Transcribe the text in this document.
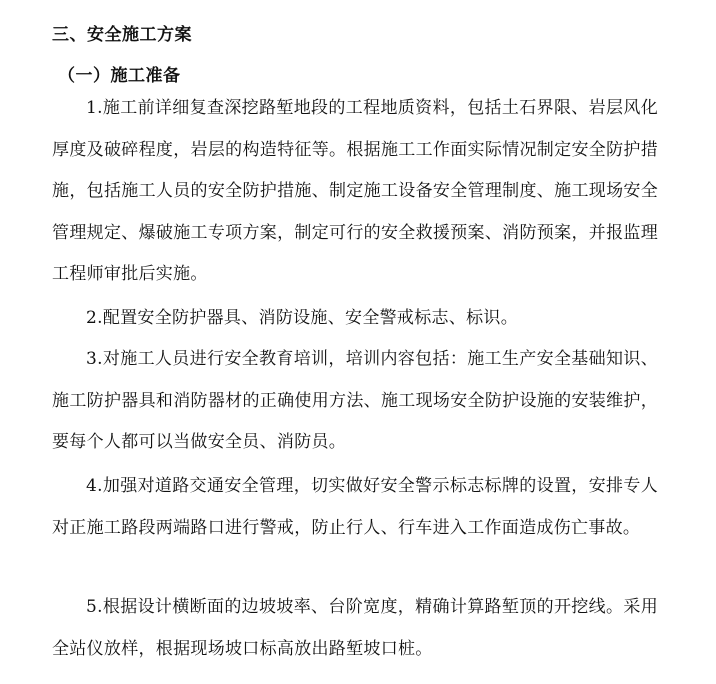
三、安全施工方案
（一）施工准备

1.施工前详细复查深挖路堑地段的工程地质资料，包括土石界限、岩层风化厚度及破碎程度，岩层的构造特征等。根据施工工作面实际情况制定安全防护措施，包括施工人员的安全防护措施、制定施工设备安全管理制度、施工现场安全管理规定、爆破施工专项方案，制定可行的安全救援预案、消防预案，并报监理工程师审批后实施。

2.配置安全防护器具、消防设施、安全警戒标志、标识。

3.对施工人员进行安全教育培训，培训内容包括：施工生产安全基础知识、施工防护器具和消防器材的正确使用方法、施工现场安全防护设施的安装维护，要每个人都可以当做安全员、消防员。

4.加强对道路交通安全管理，切实做好安全警示标志标牌的设置，安排专人对正施工路段两端路口进行警戒，防止行人、行车进入工作面造成伤亡事故。

5.根据设计横断面的边坡坡率、台阶宽度，精确计算路堑顶的开挖线。采用全站仪放样，根据现场坡口标高放出路堑坡口桩。
